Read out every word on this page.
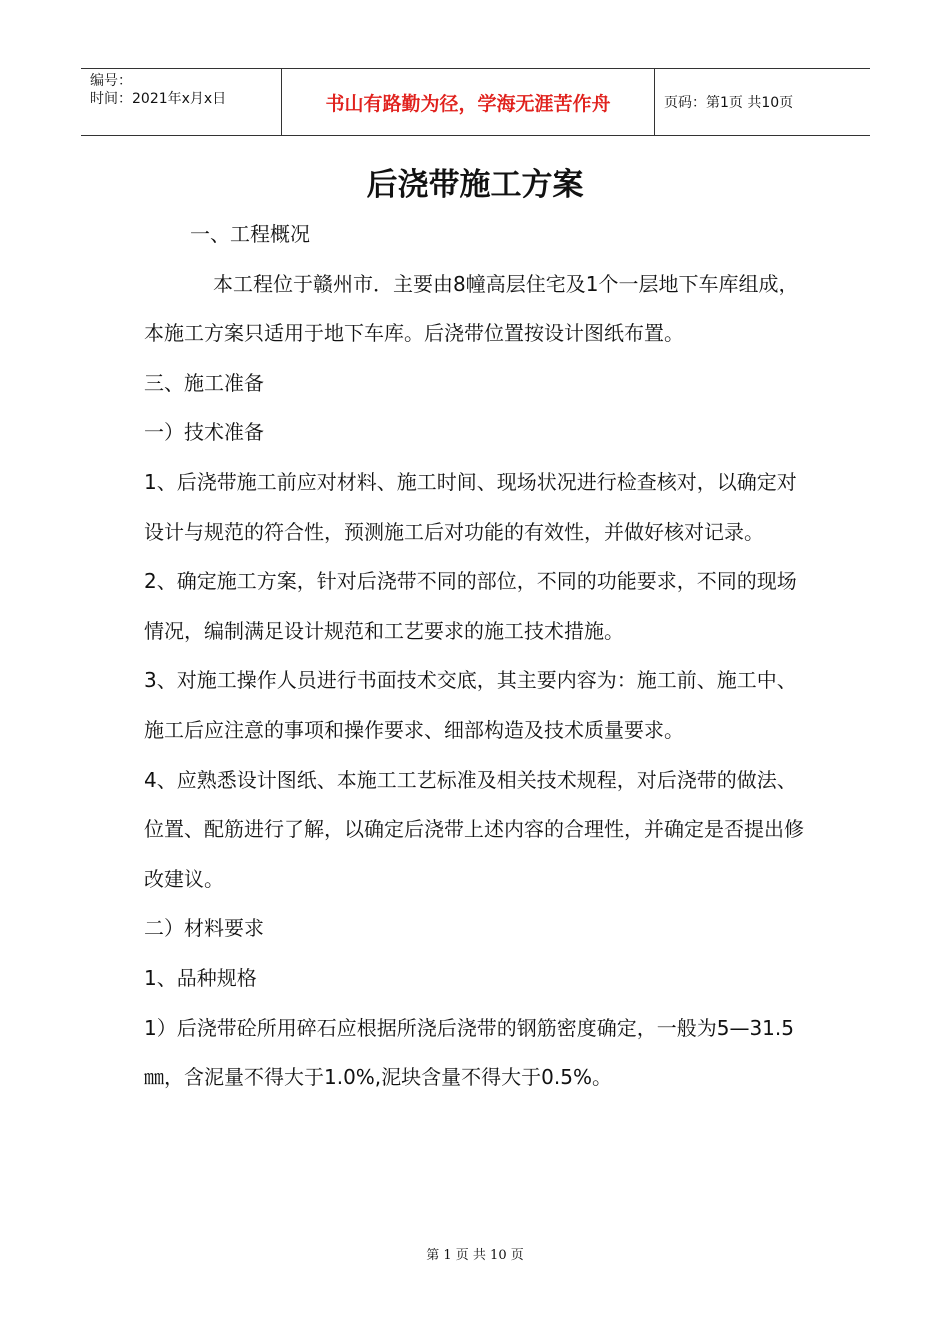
编号：
时间：2021年x月x日	书山有路勤为径，学海无涯苦作舟	页码：第1页 共10页
后浇带施工方案

一、工程概况

本工程位于赣州市．主要由8幢高层住宅及1个一层地下车库组成，本施工方案只适用于地下车库。后浇带位置按设计图纸布置。

三、施工准备

一）技术准备

1、后浇带施工前应对材料、施工时间、现场状况进行检查核对，以确定对设计与规范的符合性，预测施工后对功能的有效性，并做好核对记录。

2、确定施工方案，针对后浇带不同的部位，不同的功能要求，不同的现场情况，编制满足设计规范和工艺要求的施工技术措施。

3、对施工操作人员进行书面技术交底，其主要内容为：施工前、施工中、施工后应注意的事项和操作要求、细部构造及技术质量要求。

4、应熟悉设计图纸、本施工工艺标准及相关技术规程，对后浇带的做法、位置、配筋进行了解，以确定后浇带上述内容的合理性，并确定是否提出修改建议。

二）材料要求

1、品种规格

1）后浇带砼所用碎石应根据所浇后浇带的钢筋密度确定，一般为5—31.5㎜，含泥量不得大于1.0%,泥块含量不得大于0.5%。

第 1 页 共 10 页
